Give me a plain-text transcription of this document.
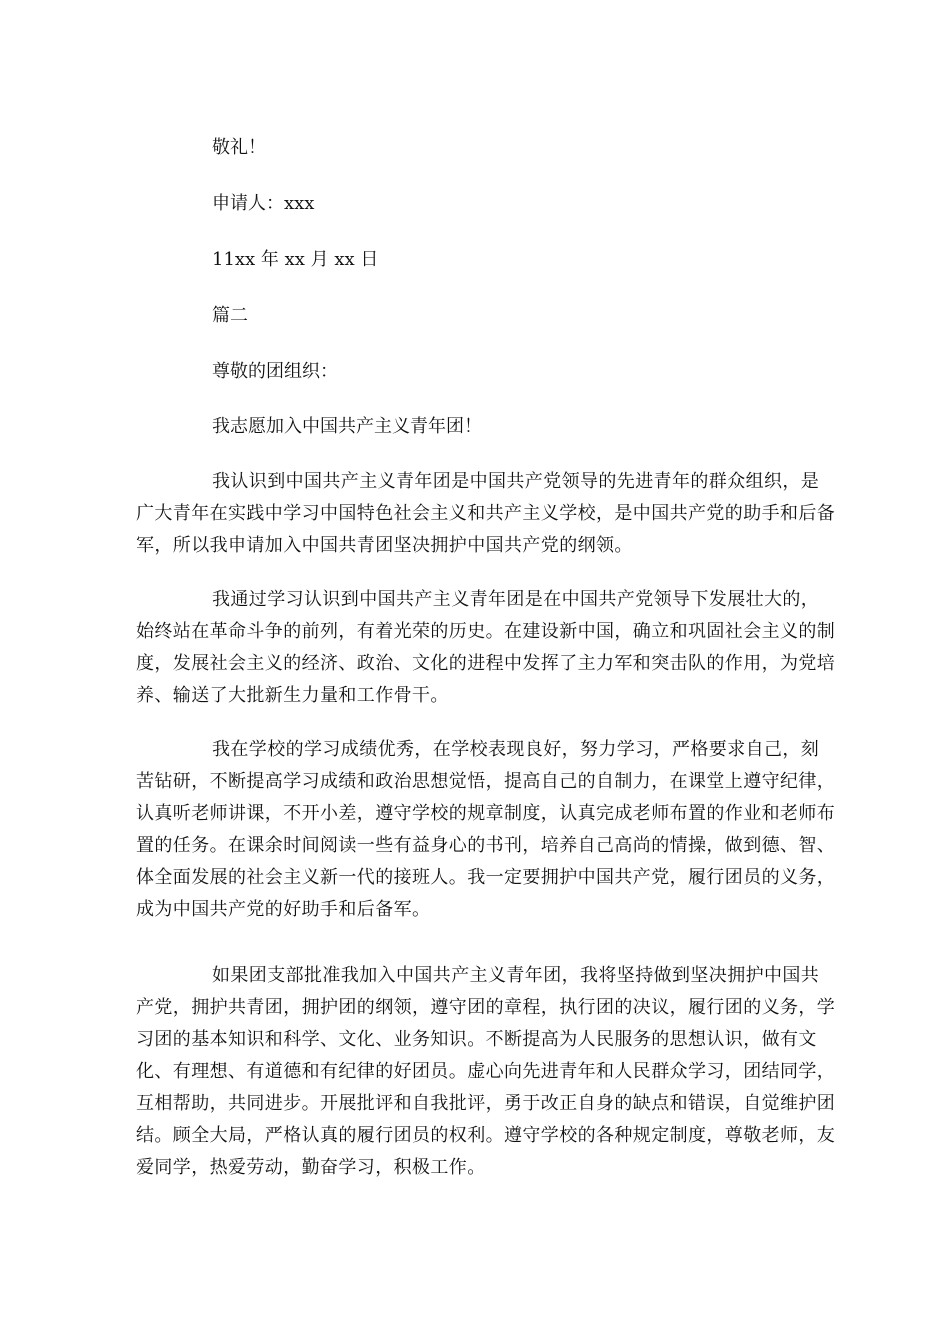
敬礼！

申请人：xxx

11xx 年 xx 月 xx 日

篇二

尊敬的团组织：

我志愿加入中国共产主义青年团！

我认识到中国共产主义青年团是中国共产党领导的先进青年的群众组织，是广大青年在实践中学习中国特色社会主义和共产主义学校，是中国共产党的助手和后备军，所以我申请加入中国共青团坚决拥护中国共产党的纲领。

我通过学习认识到中国共产主义青年团是在中国共产党领导下发展壮大的，始终站在革命斗争的前列，有着光荣的历史。在建设新中国，确立和巩固社会主义的制度，发展社会主义的经济、政治、文化的进程中发挥了主力军和突击队的作用，为党培养、输送了大批新生力量和工作骨干。

我在学校的学习成绩优秀，在学校表现良好，努力学习，严格要求自己，刻苦钻研，不断提高学习成绩和政治思想觉悟，提高自己的自制力，在课堂上遵守纪律，认真听老师讲课，不开小差，遵守学校的规章制度，认真完成老师布置的作业和老师布置的任务。在课余时间阅读一些有益身心的书刊，培养自己高尚的情操，做到德、智、体全面发展的社会主义新一代的接班人。我一定要拥护中国共产党，履行团员的义务，成为中国共产党的好助手和后备军。

如果团支部批准我加入中国共产主义青年团，我将坚持做到坚决拥护中国共产党，拥护共青团，拥护团的纲领，遵守团的章程，执行团的决议，履行团的义务，学习团的基本知识和科学、文化、业务知识。不断提高为人民服务的思想认识，做有文化、有理想、有道德和有纪律的好团员。虚心向先进青年和人民群众学习，团结同学，互相帮助，共同进步。开展批评和自我批评，勇于改正自身的缺点和错误，自觉维护团结。顾全大局，严格认真的履行团员的权利。遵守学校的各种规定制度，尊敬老师，友爱同学，热爱劳动，勤奋学习，积极工作。
